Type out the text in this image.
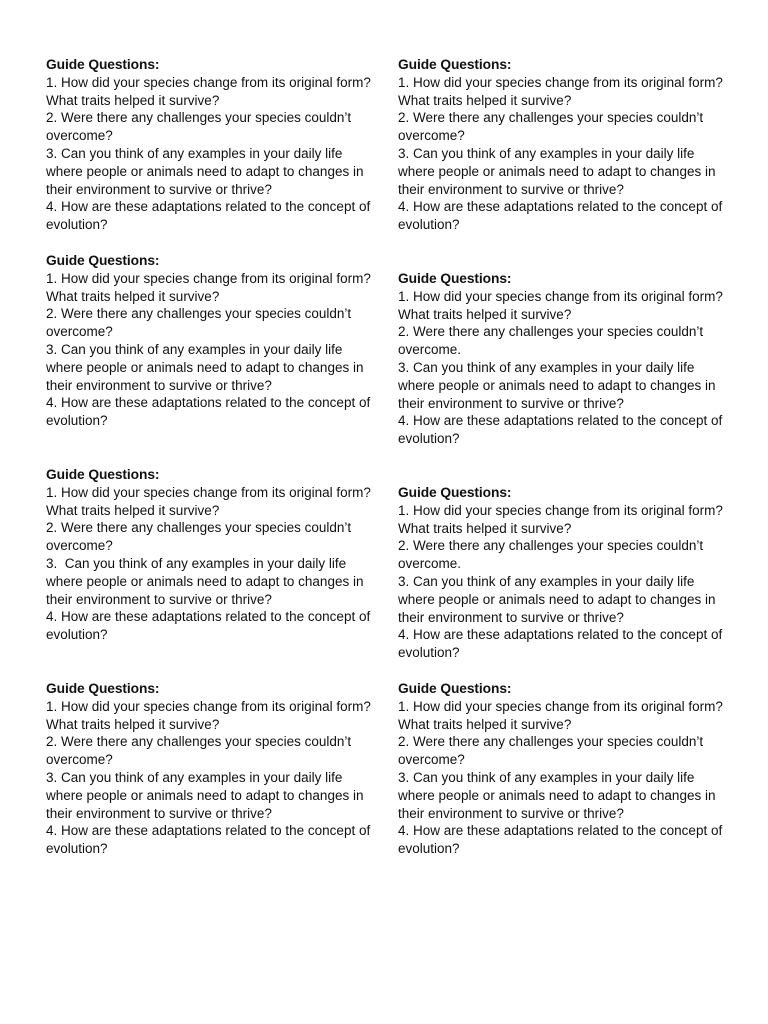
Guide Questions:
1. How did your species change from its original form? What traits helped it survive?
2. Were there any challenges your species couldn’t overcome?
3. Can you think of any examples in your daily life where people or animals need to adapt to changes in their environment to survive or thrive?
4. How are these adaptations related to the concept of evolution?
Guide Questions:
1. How did your species change from its original form? What traits helped it survive?
2. Were there any challenges your species couldn’t overcome?
3. Can you think of any examples in your daily life where people or animals need to adapt to changes in their environment to survive or thrive?
4. How are these adaptations related to the concept of evolution?
Guide Questions:
1. How did your species change from its original form? What traits helped it survive?
2. Were there any challenges your species couldn’t overcome?
3. Can you think of any examples in your daily life where people or animals need to adapt to changes in their environment to survive or thrive?
4. How are these adaptations related to the concept of evolution?
Guide Questions:
1. How did your species change from its original form? What traits helped it survive?
2. Were there any challenges your species couldn’t overcome.
3. Can you think of any examples in your daily life where people or animals need to adapt to changes in their environment to survive or thrive?
4. How are these adaptations related to the concept of evolution?
Guide Questions:
1. How did your species change from its original form? What traits helped it survive?
2. Were there any challenges your species couldn’t overcome?
3.  Can you think of any examples in your daily life where people or animals need to adapt to changes in their environment to survive or thrive?
4. How are these adaptations related to the concept of evolution?
Guide Questions:
1. How did your species change from its original form? What traits helped it survive?
2. Were there any challenges your species couldn’t overcome.
3. Can you think of any examples in your daily life where people or animals need to adapt to changes in their environment to survive or thrive?
4. How are these adaptations related to the concept of evolution?
Guide Questions:
1. How did your species change from its original form? What traits helped it survive?
2. Were there any challenges your species couldn’t overcome?
3. Can you think of any examples in your daily life where people or animals need to adapt to changes in their environment to survive or thrive?
4. How are these adaptations related to the concept of evolution?
Guide Questions:
1. How did your species change from its original form? What traits helped it survive?
2. Were there any challenges your species couldn’t overcome?
3. Can you think of any examples in your daily life where people or animals need to adapt to changes in their environment to survive or thrive?
4. How are these adaptations related to the concept of evolution?
